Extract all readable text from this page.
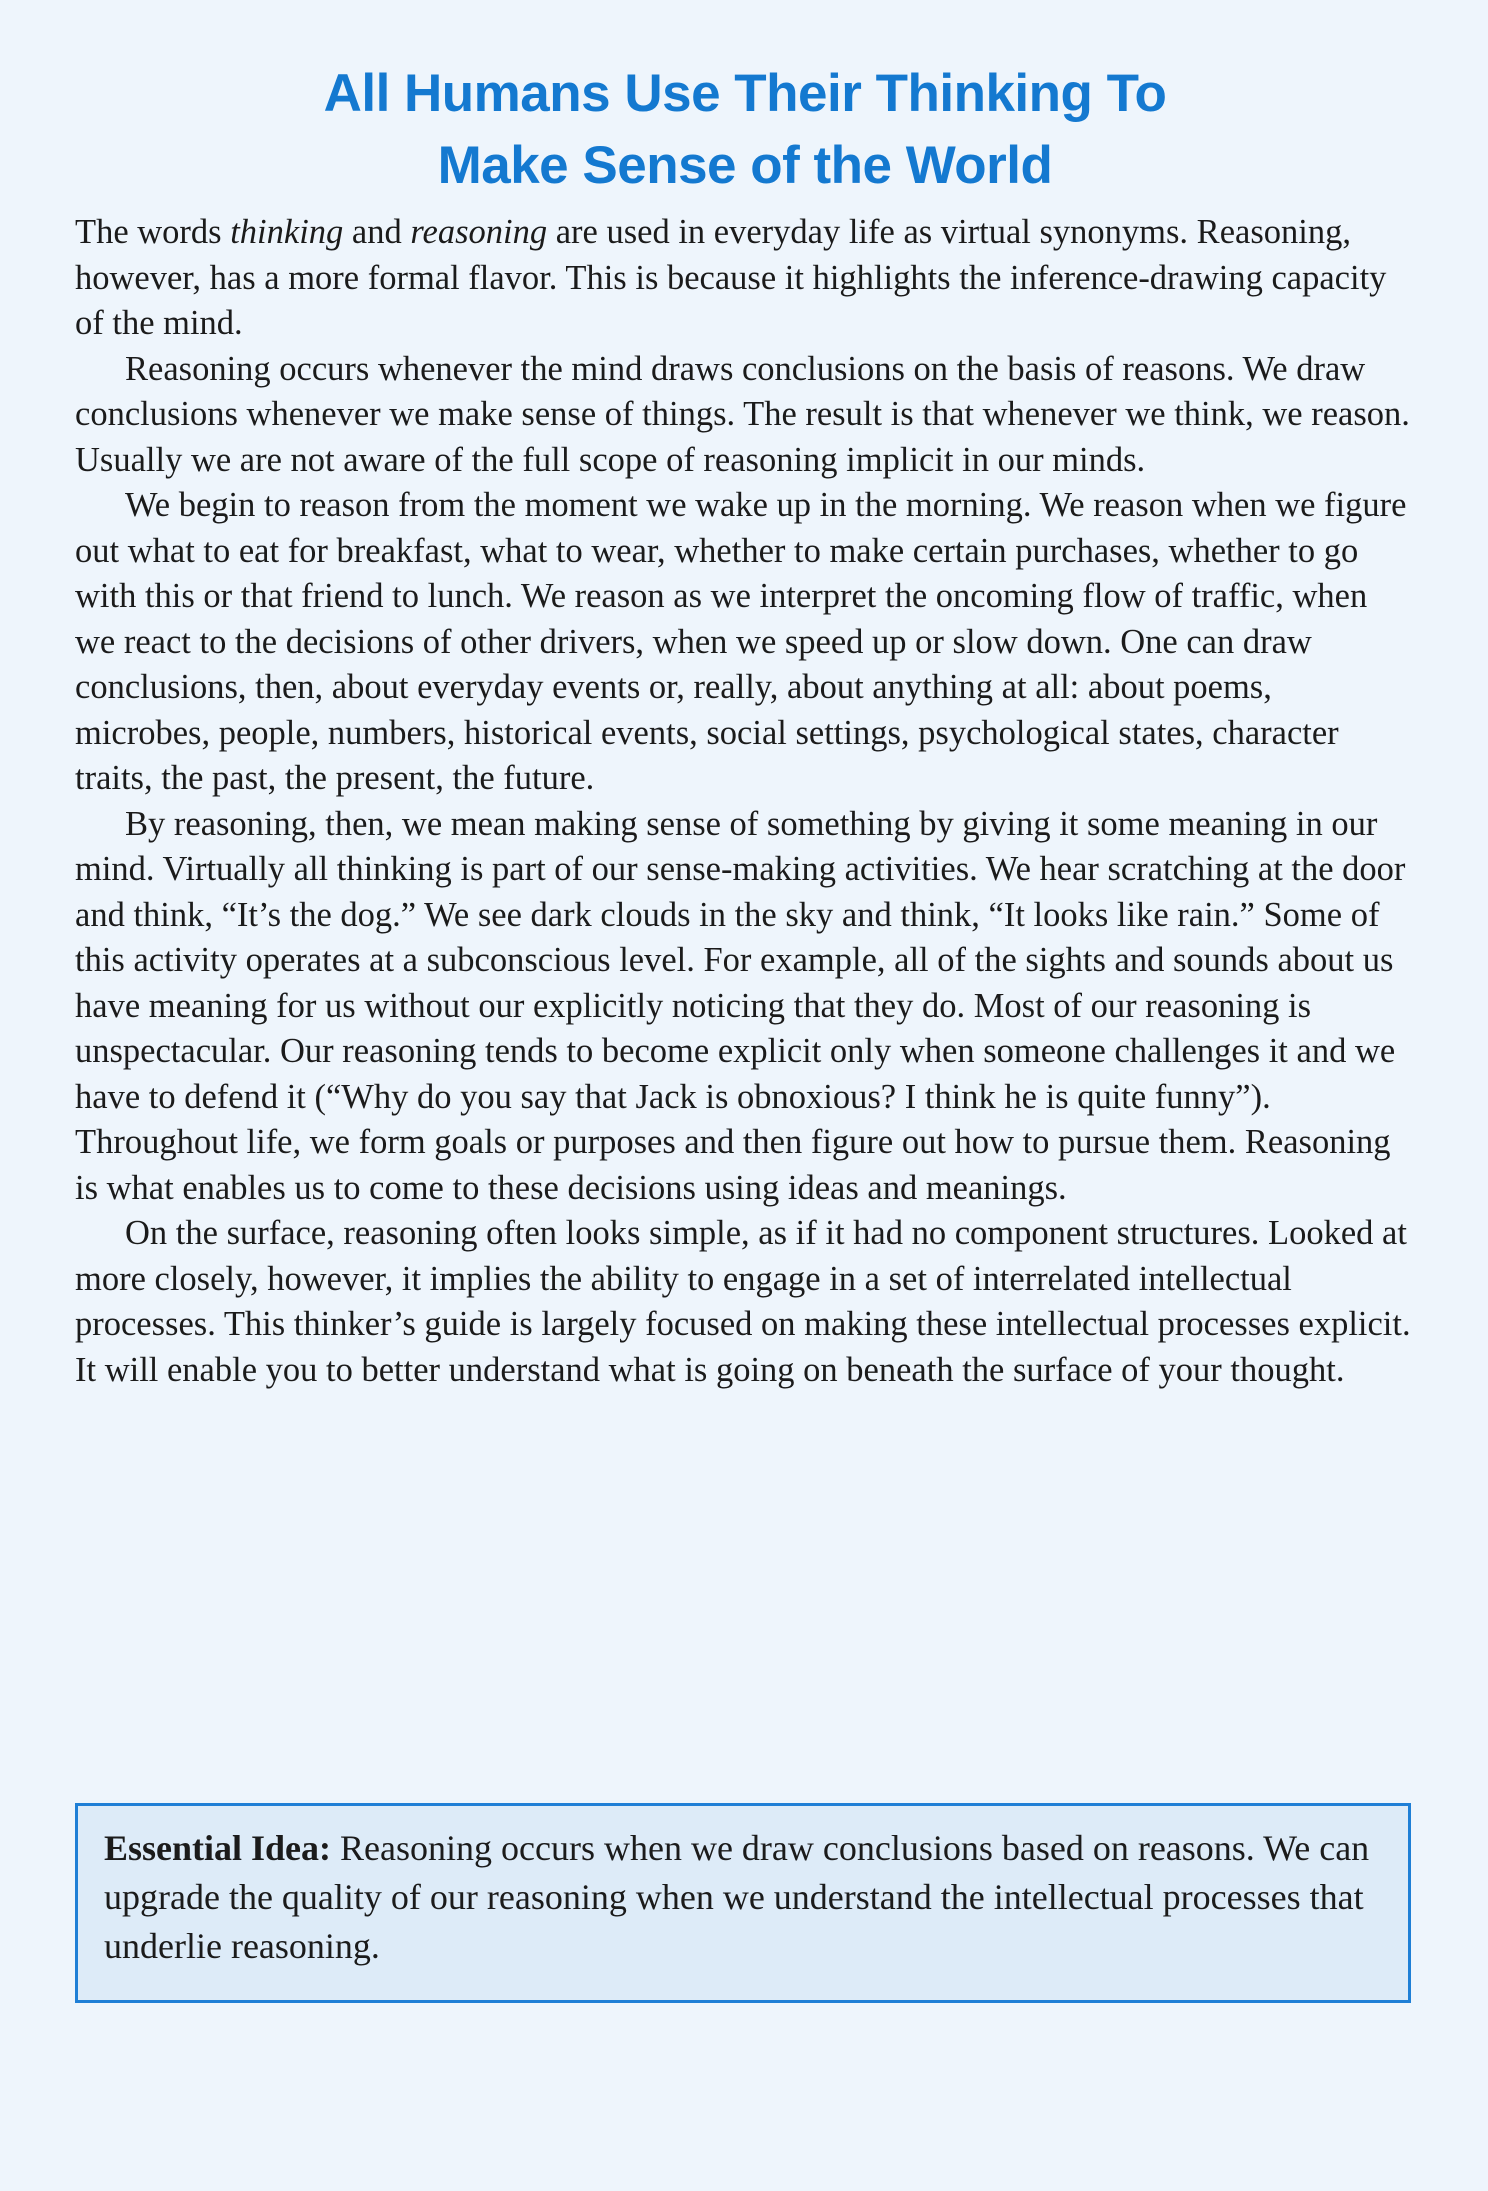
All Humans Use Their Thinking To
Make Sense of the World

The words thinking and reasoning are used in everyday life as virtual synonyms. Reasoning, however, has a more formal flavor. This is because it highlights the inference-drawing capacity of the mind.

Reasoning occurs whenever the mind draws conclusions on the basis of reasons. We draw conclusions whenever we make sense of things. The result is that whenever we think, we reason. Usually we are not aware of the full scope of reasoning implicit in our minds.

We begin to reason from the moment we wake up in the morning. We reason when we figure out what to eat for breakfast, what to wear, whether to make certain purchases, whether to go with this or that friend to lunch. We reason as we interpret the oncoming flow of traffic, when we react to the decisions of other drivers, when we speed up or slow down. One can draw conclusions, then, about everyday events or, really, about anything at all: about poems, microbes, people, numbers, historical events, social settings, psychological states, character traits, the past, the present, the future.

By reasoning, then, we mean making sense of something by giving it some meaning in our mind. Virtually all thinking is part of our sense-making activities. We hear scratching at the door and think, “It’s the dog.” We see dark clouds in the sky and think, “It looks like rain.” Some of this activity operates at a subconscious level. For example, all of the sights and sounds about us have meaning for us without our explicitly noticing that they do. Most of our reasoning is unspectacular. Our reasoning tends to become explicit only when someone challenges it and we have to defend it (“Why do you say that Jack is obnoxious? I think he is quite funny”). Throughout life, we form goals or purposes and then figure out how to pursue them. Reasoning is what enables us to come to these decisions using ideas and meanings.

On the surface, reasoning often looks simple, as if it had no component structures. Looked at more closely, however, it implies the ability to engage in a set of interrelated intellectual processes. This thinker’s guide is largely focused on making these intellectual processes explicit. It will enable you to better understand what is going on beneath the surface of your thought.

Essential Idea: Reasoning occurs when we draw conclusions based on reasons. We can upgrade the quality of our reasoning when we understand the intellectual processes that underlie reasoning.
